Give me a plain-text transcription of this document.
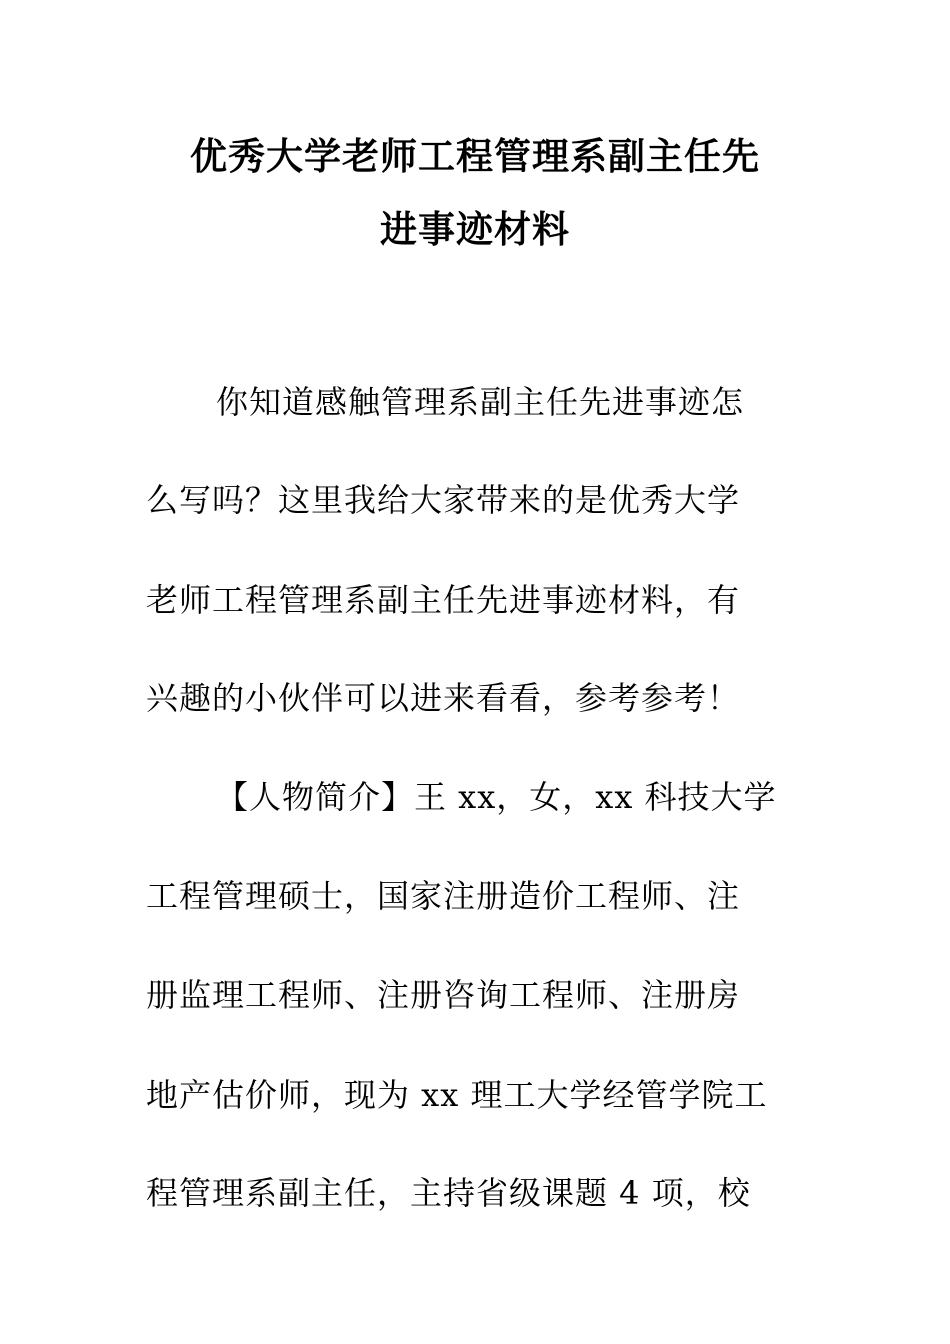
优秀大学老师工程管理系副主任先
进事迹材料
你知道感触管理系副主任先进事迹怎
么写吗？这里我给大家带来的是优秀大学
老师工程管理系副主任先进事迹材料，有
兴趣的小伙伴可以进来看看，参考参考！
【人物简介】王 xx，女，xx 科技大学
工程管理硕士，国家注册造价工程师、注
册监理工程师、注册咨询工程师、注册房
地产估价师，现为 xx 理工大学经管学院工
程管理系副主任，主持省级课题 4 项，校
